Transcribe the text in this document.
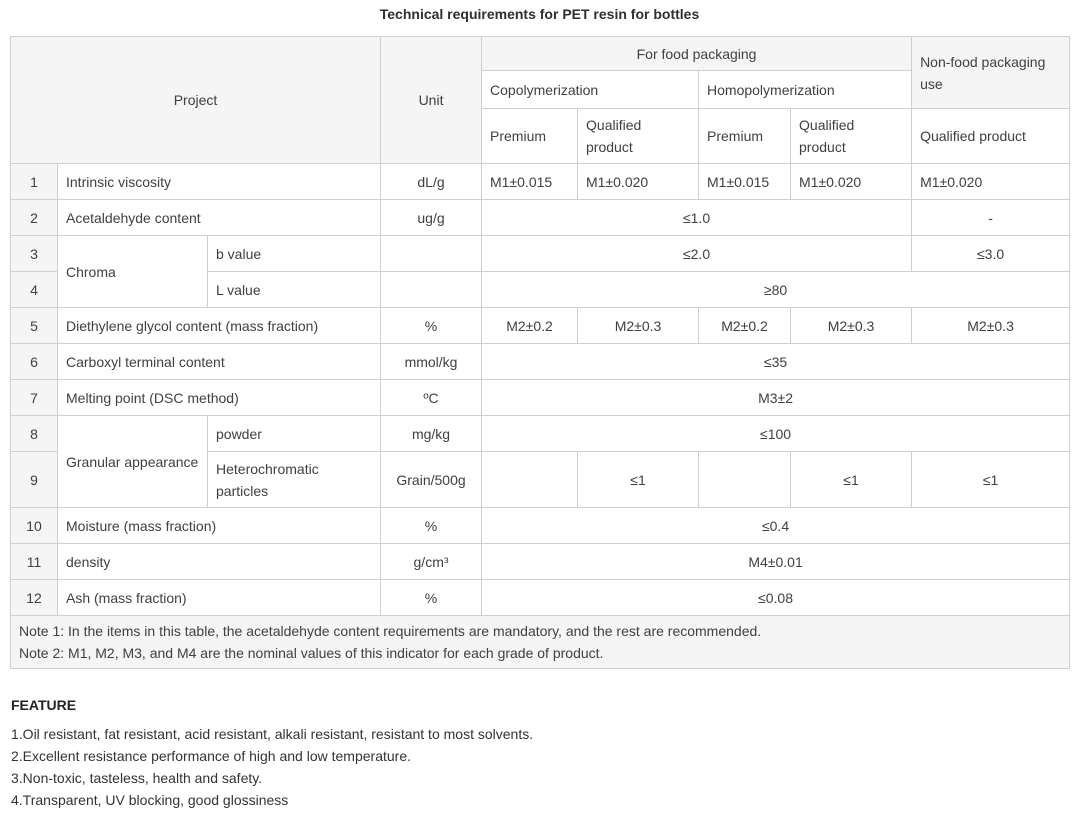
Technical requirements for PET resin for bottles
Project			Unit	For food packaging				Non-food packaging use
				Copolymerization		Homopolymerization		
				Premium	Qualified product	Premium	Qualified product	Qualified product
1	Intrinsic viscosity		dL/g	M1±0.015	M1±0.020	M1±0.015	M1±0.020	M1±0.020
2	Acetaldehyde content		ug/g	≤1.0				-
3	Chroma	b value		≤2.0				≤3.0
4		L value		≥80				
5	Diethylene glycol content (mass fraction)		%	M2±0.2	M2±0.3	M2±0.2	M2±0.3	M2±0.3
6	Carboxyl terminal content		mmol/kg	≤35				
7	Melting point (DSC method)		ºC	M3±2				
8	Granular appearance	powder	mg/kg	≤100				
9		Heterochromatic particles	Grain/500g		≤1		≤1	≤1
10	Moisture (mass fraction)		%	≤0.4				
11	density		g/cm³	M4±0.01				
12	Ash (mass fraction)		%	≤0.08				

Note 1: In the items in this table, the acetaldehyde content requirements are mandatory, and the rest are recommended.
Note 2: M1, M2, M3, and M4 are the nominal values of this indicator for each grade of product.								
FEATURE
1.Oil resistant, fat resistant, acid resistant, alkali resistant, resistant to most solvents.
2.Excellent resistance performance of high and low temperature.
3.Non-toxic, tasteless, health and safety.
4.Transparent, UV blocking, good glossiness
